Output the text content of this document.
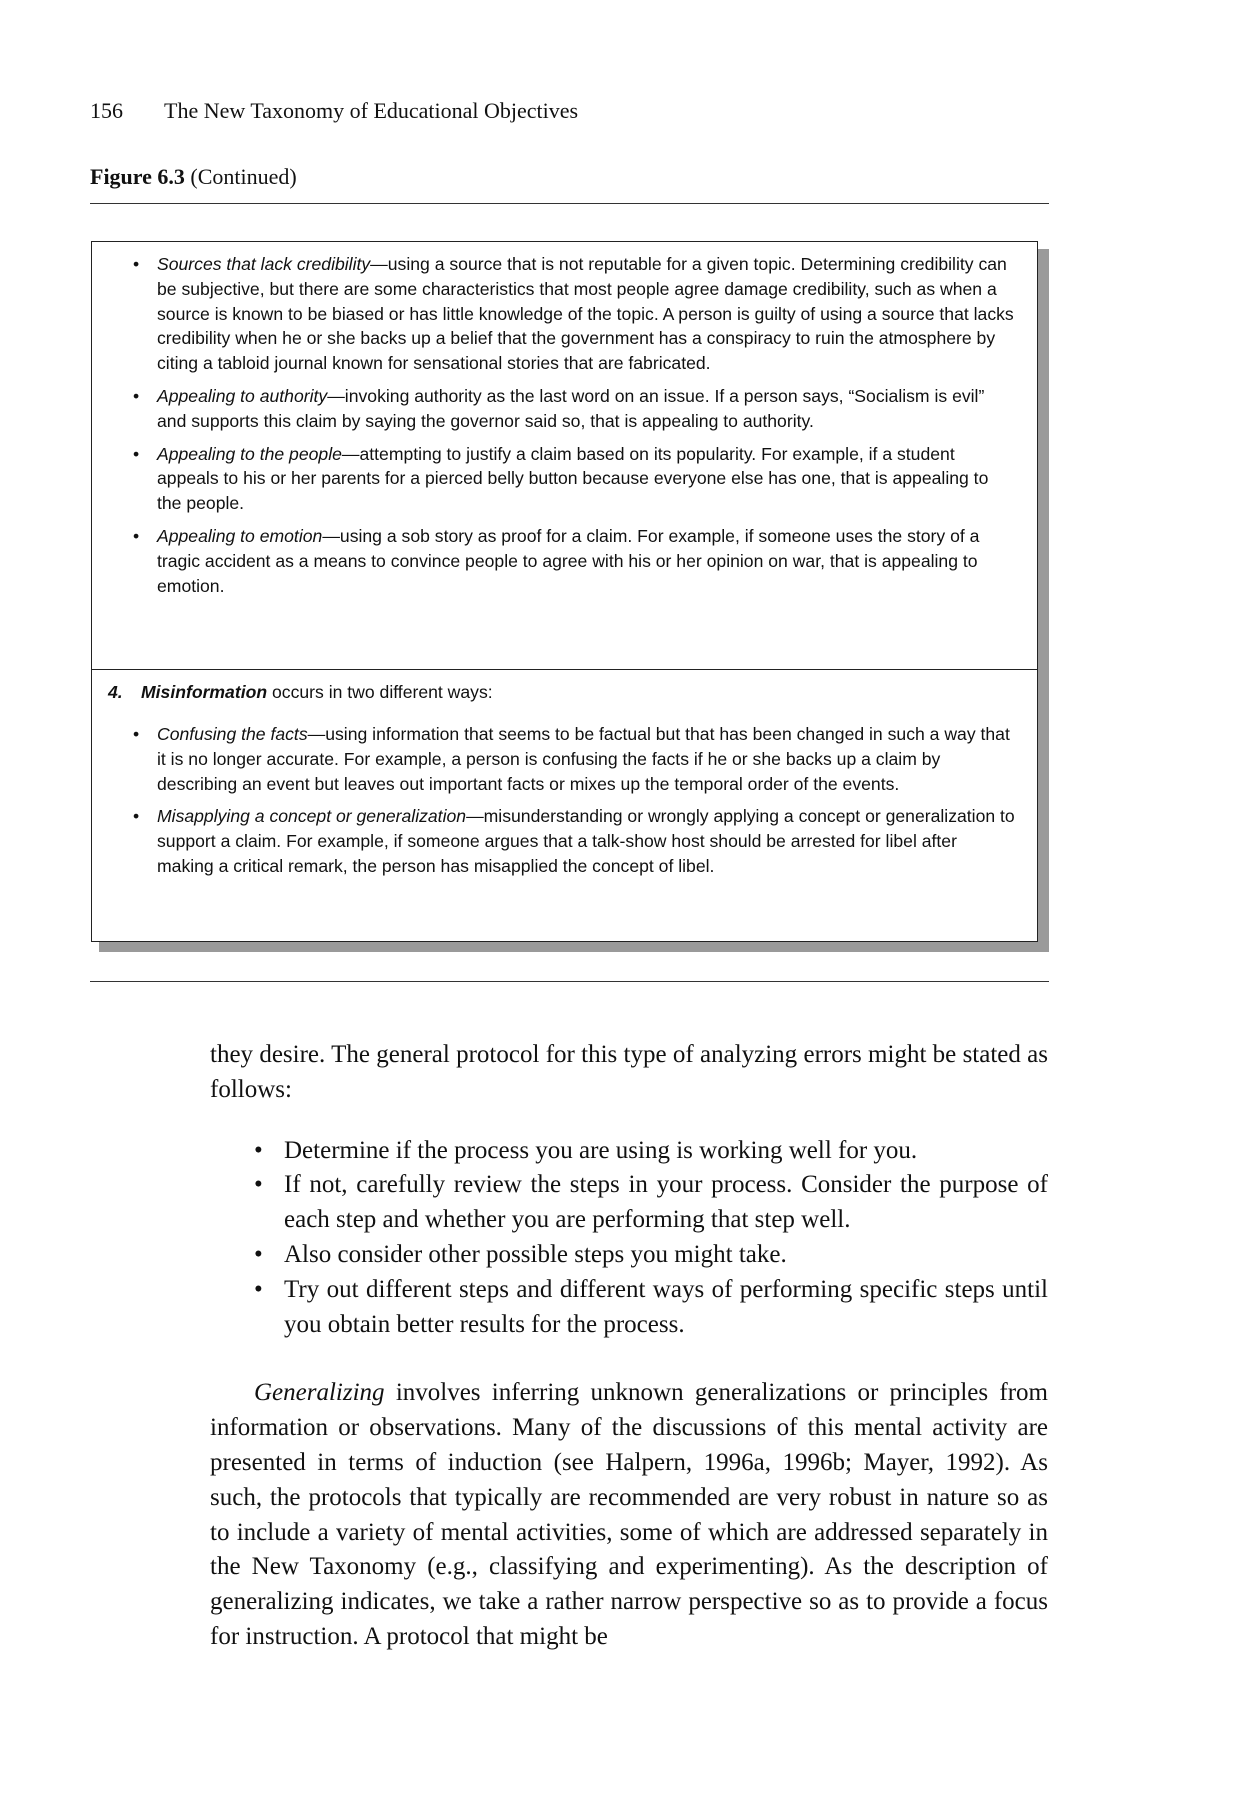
156 The New Taxonomy of Educational Objectives
Figure 6.3 (Continued)
• Sources that lack credibility—using a source that is not reputable for a given topic. Determining credibility can be subjective, but there are some characteristics that most people agree damage credibility, such as when a source is known to be biased or has little knowledge of the topic. A person is guilty of using a source that lacks credibility when he or she backs up a belief that the government has a conspiracy to ruin the atmosphere by citing a tabloid journal known for sensational stories that are fabricated.
• Appealing to authority—invoking authority as the last word on an issue. If a person says, “Socialism is evil” and supports this claim by saying the governor said so, that is appealing to authority.
• Appealing to the people—attempting to justify a claim based on its popularity. For example, if a student appeals to his or her parents for a pierced belly button because everyone else has one, that is appealing to the people.
• Appealing to emotion—using a sob story as proof for a claim. For example, if someone uses the story of a tragic accident as a means to convince people to agree with his or her opinion on war, that is appealing to emotion.
4. Misinformation occurs in two different ways:
• Confusing the facts—using information that seems to be factual but that has been changed in such a way that it is no longer accurate. For example, a person is confusing the facts if he or she backs up a claim by describing an event but leaves out important facts or mixes up the temporal order of the events.
• Misapplying a concept or generalization—misunderstanding or wrongly applying a concept or generalization to support a claim. For example, if someone argues that a talk-show host should be arrested for libel after making a critical remark, the person has misapplied the concept of libel.

they desire. The general protocol for this type of analyzing errors might be stated as follows:

• Determine if the process you are using is working well for you.
• If not, carefully review the steps in your process. Consider the purpose of each step and whether you are performing that step well.
• Also consider other possible steps you might take.
• Try out different steps and different ways of performing specific steps until you obtain better results for the process.

Generalizing involves inferring unknown generalizations or principles from information or observations. Many of the discussions of this mental activity are presented in terms of induction (see Halpern, 1996a, 1996b; Mayer, 1992). As such, the protocols that typically are recommended are very robust in nature so as to include a variety of mental activities, some of which are addressed separately in the New Taxonomy (e.g., classifying and experimenting). As the description of generalizing indicates, we take a rather narrow perspective so as to provide a focus for instruction. A protocol that might be
